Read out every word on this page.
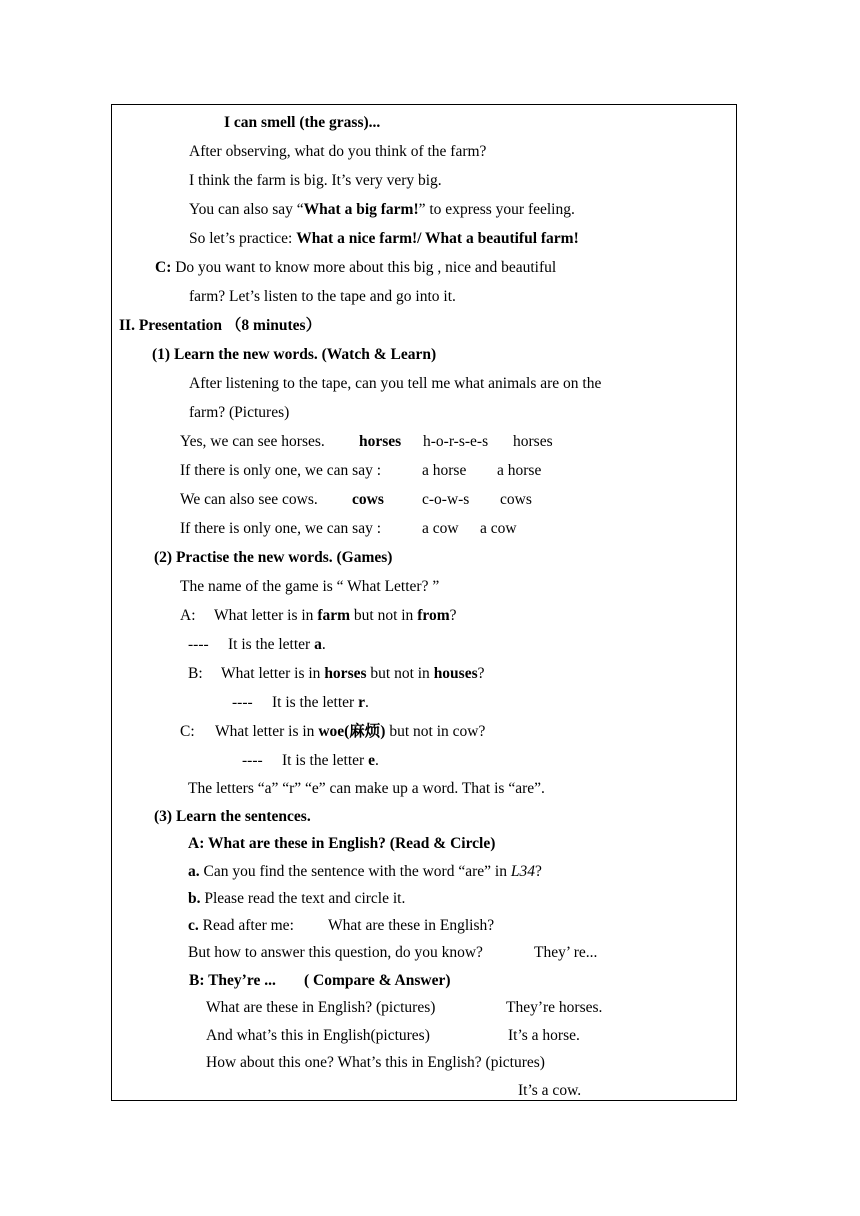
I can smell (the grass)...
After observing, what do you think of the farm?
I think the farm is big. It’s very very big.
You can also say “What a big farm!” to express your feeling.
So let’s practice: What a nice farm!/ What a beautiful farm!
C: Do you want to know more about this big , nice and beautiful
farm? Let’s listen to the tape and go into it.
II. Presentation （8 minutes）
(1) Learn the new words. (Watch & Learn)
After listening to the tape, can you tell me what animals are on the
farm? (Pictures)
Yes, we can see horses. horses h-o-r-s-e-s horses
If there is only one, we can say :	a horse a horse
We can also see cows. cows c-o-w-s cows
If there is only one, we can say :	a cow a cow
(2) Practise the new words. (Games)
The name of the game is “ What Letter? ”
A: What letter is in farm but not in from?
---- It is the letter a.
B: What letter is in horses but not in houses?
---- It is the letter r.
C: What letter is in woe(麻烦) but not in cow?
---- It is the letter e.
The letters “a” “r” “e” can make up a word. That is “are”.
(3) Learn the sentences.
A: What are these in English? (Read & Circle)
a. Can you find the sentence with the word “are” in L34?
b. Please read the text and circle it.
c. Read after me: What are these in English?
But how to answer this question, do you know?	They’ re...
B: They’re ... ( Compare & Answer)
What are these in English? (pictures)	They’re horses.
And what’s this in English(pictures)	It’s a horse.
How about this one? What’s this in English? (pictures)
It’s a cow.
